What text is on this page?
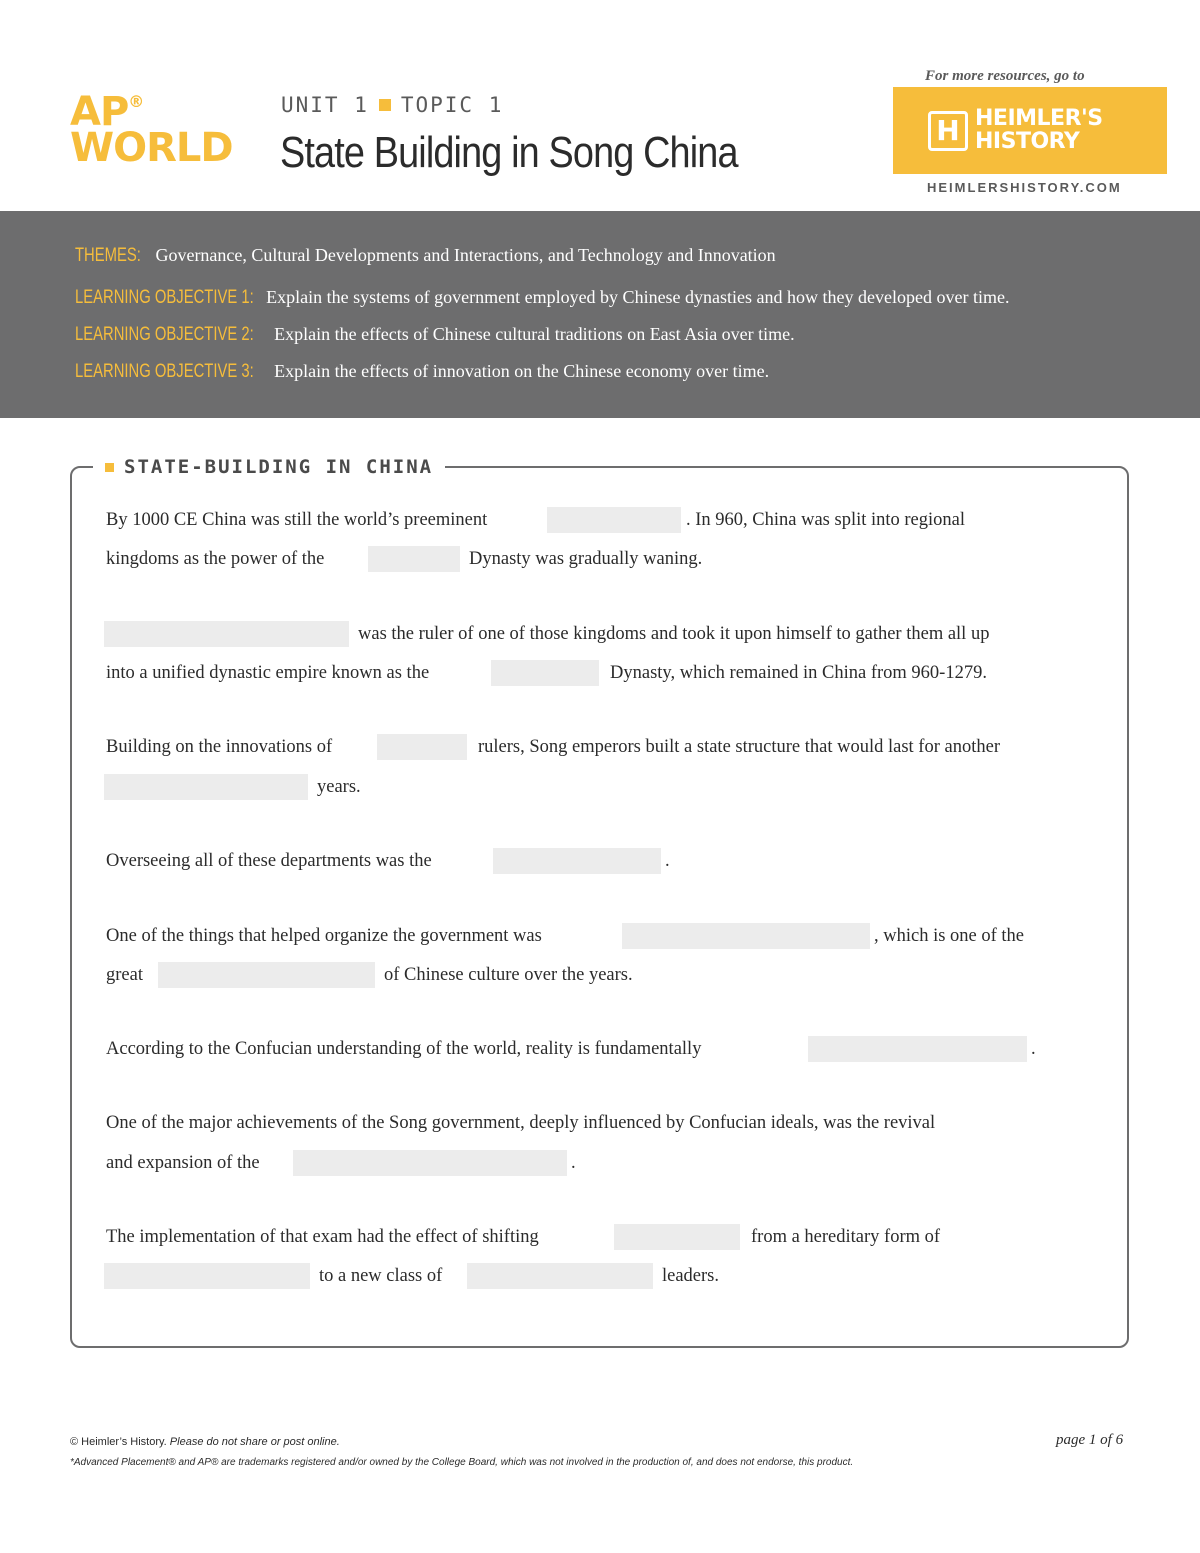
AP®
WORLD
UNIT 1 TOPIC 1
State Building in Song China
For more resources, go to
H HEIMLER'S
HISTORY
HEIMLERSHISTORY.COM
THEMES: Governance, Cultural Developments and Interactions, and Technology and Innovation
LEARNING OBJECTIVE 1: Explain the systems of government employed by Chinese dynasties and how they developed over time.
LEARNING OBJECTIVE 2: Explain the effects of Chinese cultural traditions on East Asia over time.
LEARNING OBJECTIVE 3: Explain the effects of innovation on the Chinese economy over time.
STATE-BUILDING IN CHINA
By 1000 CE China was still the world’s preeminent	. In 960, China was split into regional
kingdoms as the power of the	Dynasty was gradually waning.
was the ruler of one of those kingdoms and took it upon himself to gather them all up
into a unified dynastic empire known as the	Dynasty, which remained in China from 960-1279.
Building on the innovations of	rulers, Song emperors built a state structure that would last for another
years.
Overseeing all of these departments was the	.
One of the things that helped organize the government was	, which is one of the
great	of Chinese culture over the years.
According to the Confucian understanding of the world, reality is fundamentally	.
One of the major achievements of the Song government, deeply influenced by Confucian ideals, was the revival
and expansion of the	.
The implementation of that exam had the effect of shifting	from a hereditary form of
to a new class of	leaders.
© Heimler’s History. Please do not share or post online.
*Advanced Placement® and AP® are trademarks registered and/or owned by the College Board, which was not involved in the production of, and does not endorse, this product.
page 1 of 6
